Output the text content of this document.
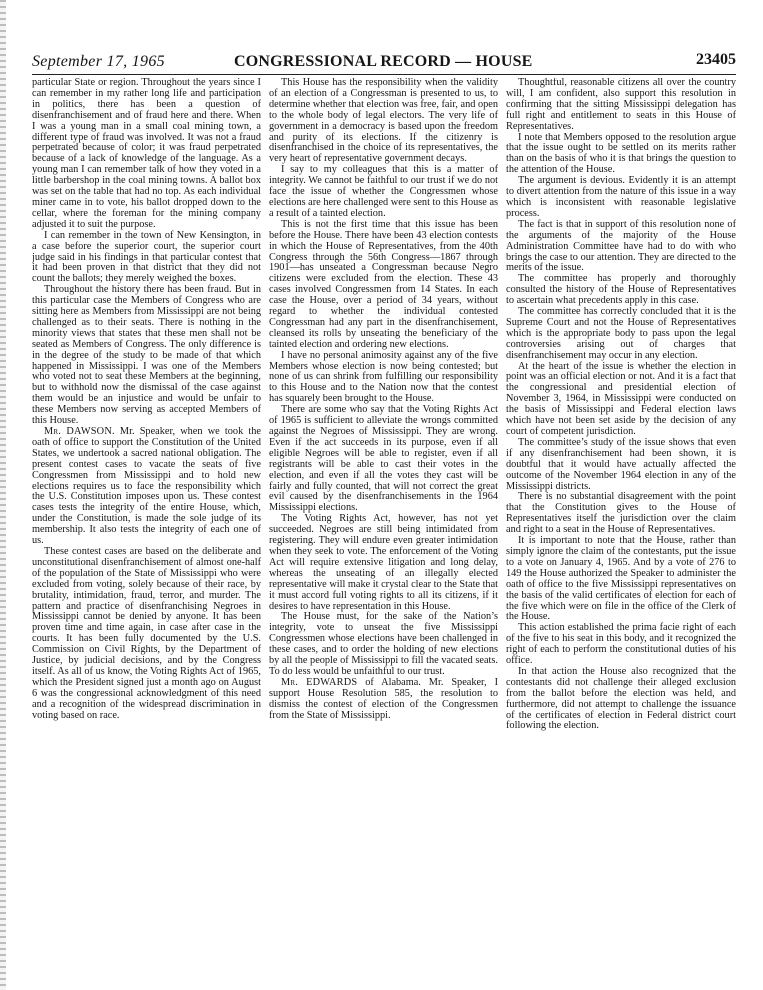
September 17, 1965	CONGRESSIONAL RECORD — HOUSE	23405

particular State or region. Throughout the years since I can remember in my rather long life and participation in politics, there has been a question of disenfranchisement and of fraud here and there. When I was a young man in a small coal mining town, a different type of fraud was involved. It was not a fraud perpetrated because of color; it was fraud perpetrated because of a lack of knowledge of the language. As a young man I can remember talk of how they voted in a little barbershop in the coal mining towns. A ballot box was set on the table that had no top. As each individual miner came in to vote, his ballot dropped down to the cellar, where the foreman for the mining company adjusted it to suit the purpose.

I can remember in the town of New Kensington, in a case before the superior court, the superior court judge said in his findings in that particular contest that it had been proven in that district that they did not count the ballots; they merely weighed the boxes.

Throughout the history there has been fraud. But in this particular case the Members of Congress who are sitting here as Members from Mississippi are not being challenged as to their seats. There is nothing in the minority views that states that these men shall not be seated as Members of Congress. The only difference is in the degree of the study to be made of that which happened in Mississippi. I was one of the Members who voted not to seat these Members at the beginning, but to withhold now the dismissal of the case against them would be an injustice and would be unfair to these Members now serving as accepted Members of this House.

Mr. DAWSON. Mr. Speaker, when we took the oath of office to support the Constitution of the United States, we undertook a sacred national obligation. The present contest cases to vacate the seats of five Congressmen from Mississippi and to hold new elections requires us to face the responsibility which the U.S. Constitution imposes upon us. These contest cases tests the integrity of the entire House, which, under the Constitution, is made the sole judge of its membership. It also tests the integrity of each one of us.

These contest cases are based on the deliberate and unconstitutional disenfranchisement of almost one-half of the population of the State of Mississippi who were excluded from voting, solely because of their race, by brutality, intimidation, fraud, terror, and murder. The pattern and practice of disenfranchising Negroes in Mississippi cannot be denied by anyone. It has been proven time and time again, in case after case in the courts. It has been fully documented by the U.S. Commission on Civil Rights, by the Department of Justice, by judicial decisions, and by the Congress itself. As all of us know, the Voting Rights Act of 1965, which the President signed just a month ago on August 6 was the congressional acknowledgment of this need and a recognition of the widespread discrimination in voting based on race.

This House has the responsibility when the validity of an election of a Congressman is presented to us, to determine whether that election was free, fair, and open to the whole body of legal electors. The very life of government in a democracy is based upon the freedom and purity of its elections. If the citizenry is disenfranchised in the choice of its representatives, the very heart of representative government decays.

I say to my colleagues that this is a matter of integrity. We cannot be faithful to our trust if we do not face the issue of whether the Congressmen whose elections are here challenged were sent to this House as a result of a tainted election.

This is not the first time that this issue has been before the House. There have been 43 election contests in which the House of Representatives, from the 40th Congress through the 56th Congress—1867 through 1901—has unseated a Congressman because Negro citizens were excluded from the election. These 43 cases involved Congressmen from 14 States. In each case the House, over a period of 34 years, without regard to whether the individual contested Congressman had any part in the disenfranchisement, cleansed its rolls by unseating the beneficiary of the tainted election and ordering new elections.

I have no personal animosity against any of the five Members whose election is now being contested; but none of us can shrink from fulfilling our responsibility to this House and to the Nation now that the contest has squarely been brought to the House.

There are some who say that the Voting Rights Act of 1965 is sufficient to alleviate the wrongs committed against the Negroes of Mississippi. They are wrong. Even if the act succeeds in its purpose, even if all eligible Negroes will be able to register, even if all registrants will be able to cast their votes in the election, and even if all the votes they cast will be fairly and fully counted, that will not correct the great evil caused by the disenfranchisements in the 1964 Mississippi elections.

The Voting Rights Act, however, has not yet succeeded. Negroes are still being intimidated from registering. They will endure even greater intimidation when they seek to vote. The enforcement of the Voting Act will require extensive litigation and long delay, whereas the unseating of an illegally elected representative will make it crystal clear to the State that it must accord full voting rights to all its citizens, if it desires to have representation in this House.

The House must, for the sake of the Nation’s integrity, vote to unseat the five Mississippi Congressmen whose elections have been challenged in these cases, and to order the holding of new elections by all the people of Mississippi to fill the vacated seats. To do less would be unfaithful to our trust.

Mr. EDWARDS of Alabama. Mr. Speaker, I support House Resolution 585, the resolution to dismiss the contest of election of the Congressmen from the State of Mississippi.

Thoughtful, reasonable citizens all over the country will, I am confident, also support this resolution in confirming that the sitting Mississippi delegation has full right and entitlement to seats in this House of Representatives.

I note that Members opposed to the resolution argue that the issue ought to be settled on its merits rather than on the basis of who it is that brings the question to the attention of the House.

The argument is devious. Evidently it is an attempt to divert attention from the nature of this issue in a way which is inconsistent with reasonable legislative process.

The fact is that in support of this resolution none of the arguments of the majority of the House Administration Committee have had to do with who brings the case to our attention. They are directed to the merits of the issue.

The committee has properly and thoroughly consulted the history of the House of Representatives to ascertain what precedents apply in this case.

The committee has correctly concluded that it is the Supreme Court and not the House of Representatives which is the appropriate body to pass upon the legal controversies arising out of charges that disenfranchisement may occur in any election.

At the heart of the issue is whether the election in point was an official election or not. And it is a fact that the congressional and presidential election of November 3, 1964, in Mississippi were conducted on the basis of Mississippi and Federal election laws which have not been set aside by the decision of any court of competent jurisdiction.

The committee’s study of the issue shows that even if any disenfranchisement had been shown, it is doubtful that it would have actually affected the outcome of the November 1964 election in any of the Mississippi districts.

There is no substantial disagreement with the point that the Constitution gives to the House of Representatives itself the jurisdiction over the claim and right to a seat in the House of Representatives.

It is important to note that the House, rather than simply ignore the claim of the contestants, put the issue to a vote on January 4, 1965. And by a vote of 276 to 149 the House authorized the Speaker to administer the oath of office to the five Mississippi representatives on the basis of the valid certificates of election for each of the five which were on file in the office of the Clerk of the House.

This action established the prima facie right of each of the five to his seat in this body, and it recognized the right of each to perform the constitutional duties of his office.

In that action the House also recognized that the contestants did not challenge their alleged exclusion from the ballot before the election was held, and furthermore, did not attempt to challenge the issuance of the certificates of election in Federal district court following the election.
